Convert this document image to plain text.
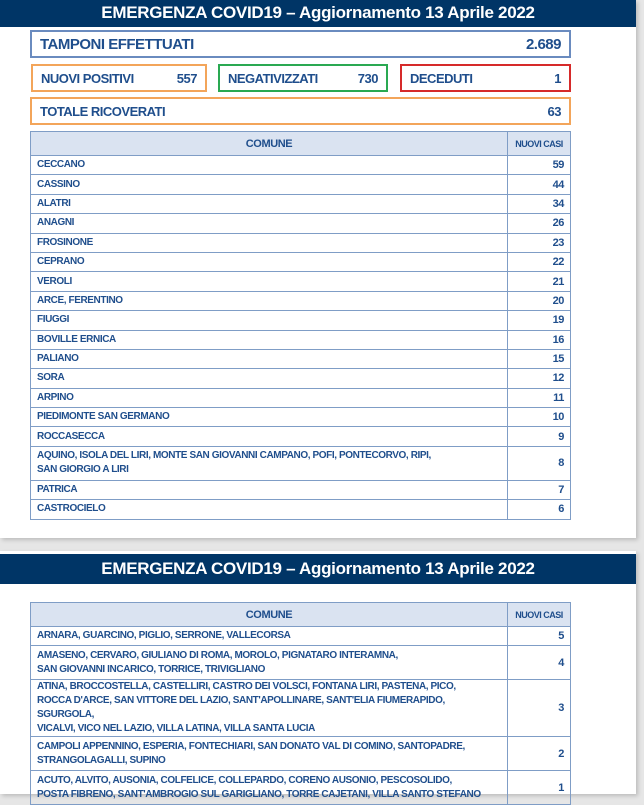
EMERGENZA COVID19 – Aggiornamento 13 Aprile 2022
TAMPONI EFFETTUATI	2.689
NUOVI POSITIVI	557 NEGATIVIZZATI	730 DECEDUTI	1
TOTALE RICOVERATI	63
COMUNE	NUOVI CASI
CECCANO	59
CASSINO	44
ALATRI	34
ANAGNI	26
FROSINONE	23
CEPRANO	22
VEROLI	21
ARCE, FERENTINO	20
FIUGGI	19
BOVILLE ERNICA	16
PALIANO	15
SORA	12
ARPINO	11
PIEDIMONTE SAN GERMANO	10
ROCCASECCA	9

AQUINO, ISOLA DEL LIRI, MONTE SAN GIOVANNI CAMPANO, POFI, PONTECORVO, RIPI,
SAN GIORGIO A LIRI	8
PATRICA	7
CASTROCIELO	6
EMERGENZA COVID19 – Aggiornamento 13 Aprile 2022
COMUNE	NUOVI CASI

ARNARA, GUARCINO, PIGLIO, SERRONE, VALLECORSA	5

AMASENO, CERVARO, GIULIANO DI ROMA, MOROLO, PIGNATARO INTERAMNA,
SAN GIOVANNI INCARICO, TORRICE, TRIVIGLIANO	4

ATINA, BROCCOSTELLA, CASTELLIRI, CASTRO DEI VOLSCI, FONTANA LIRI, PASTENA, PICO,
ROCCA D'ARCE, SAN VITTORE DEL LAZIO, SANT'APOLLINARE, SANT'ELIA FIUMERAPIDO, SGURGOLA,
VICALVI, VICO NEL LAZIO, VILLA LATINA, VILLA SANTA LUCIA	3

CAMPOLI APPENNINO, ESPERIA, FONTECHIARI, SAN DONATO VAL DI COMINO, SANTOPADRE,
STRANGOLAGALLI, SUPINO	2

ACUTO, ALVITO, AUSONIA, COLFELICE, COLLEPARDO, CORENO AUSONIO, PESCOSOLIDO,
POSTA FIBRENO, SANT'AMBROGIO SUL GARIGLIANO, TORRE CAJETANI, VILLA SANTO STEFANO	1
